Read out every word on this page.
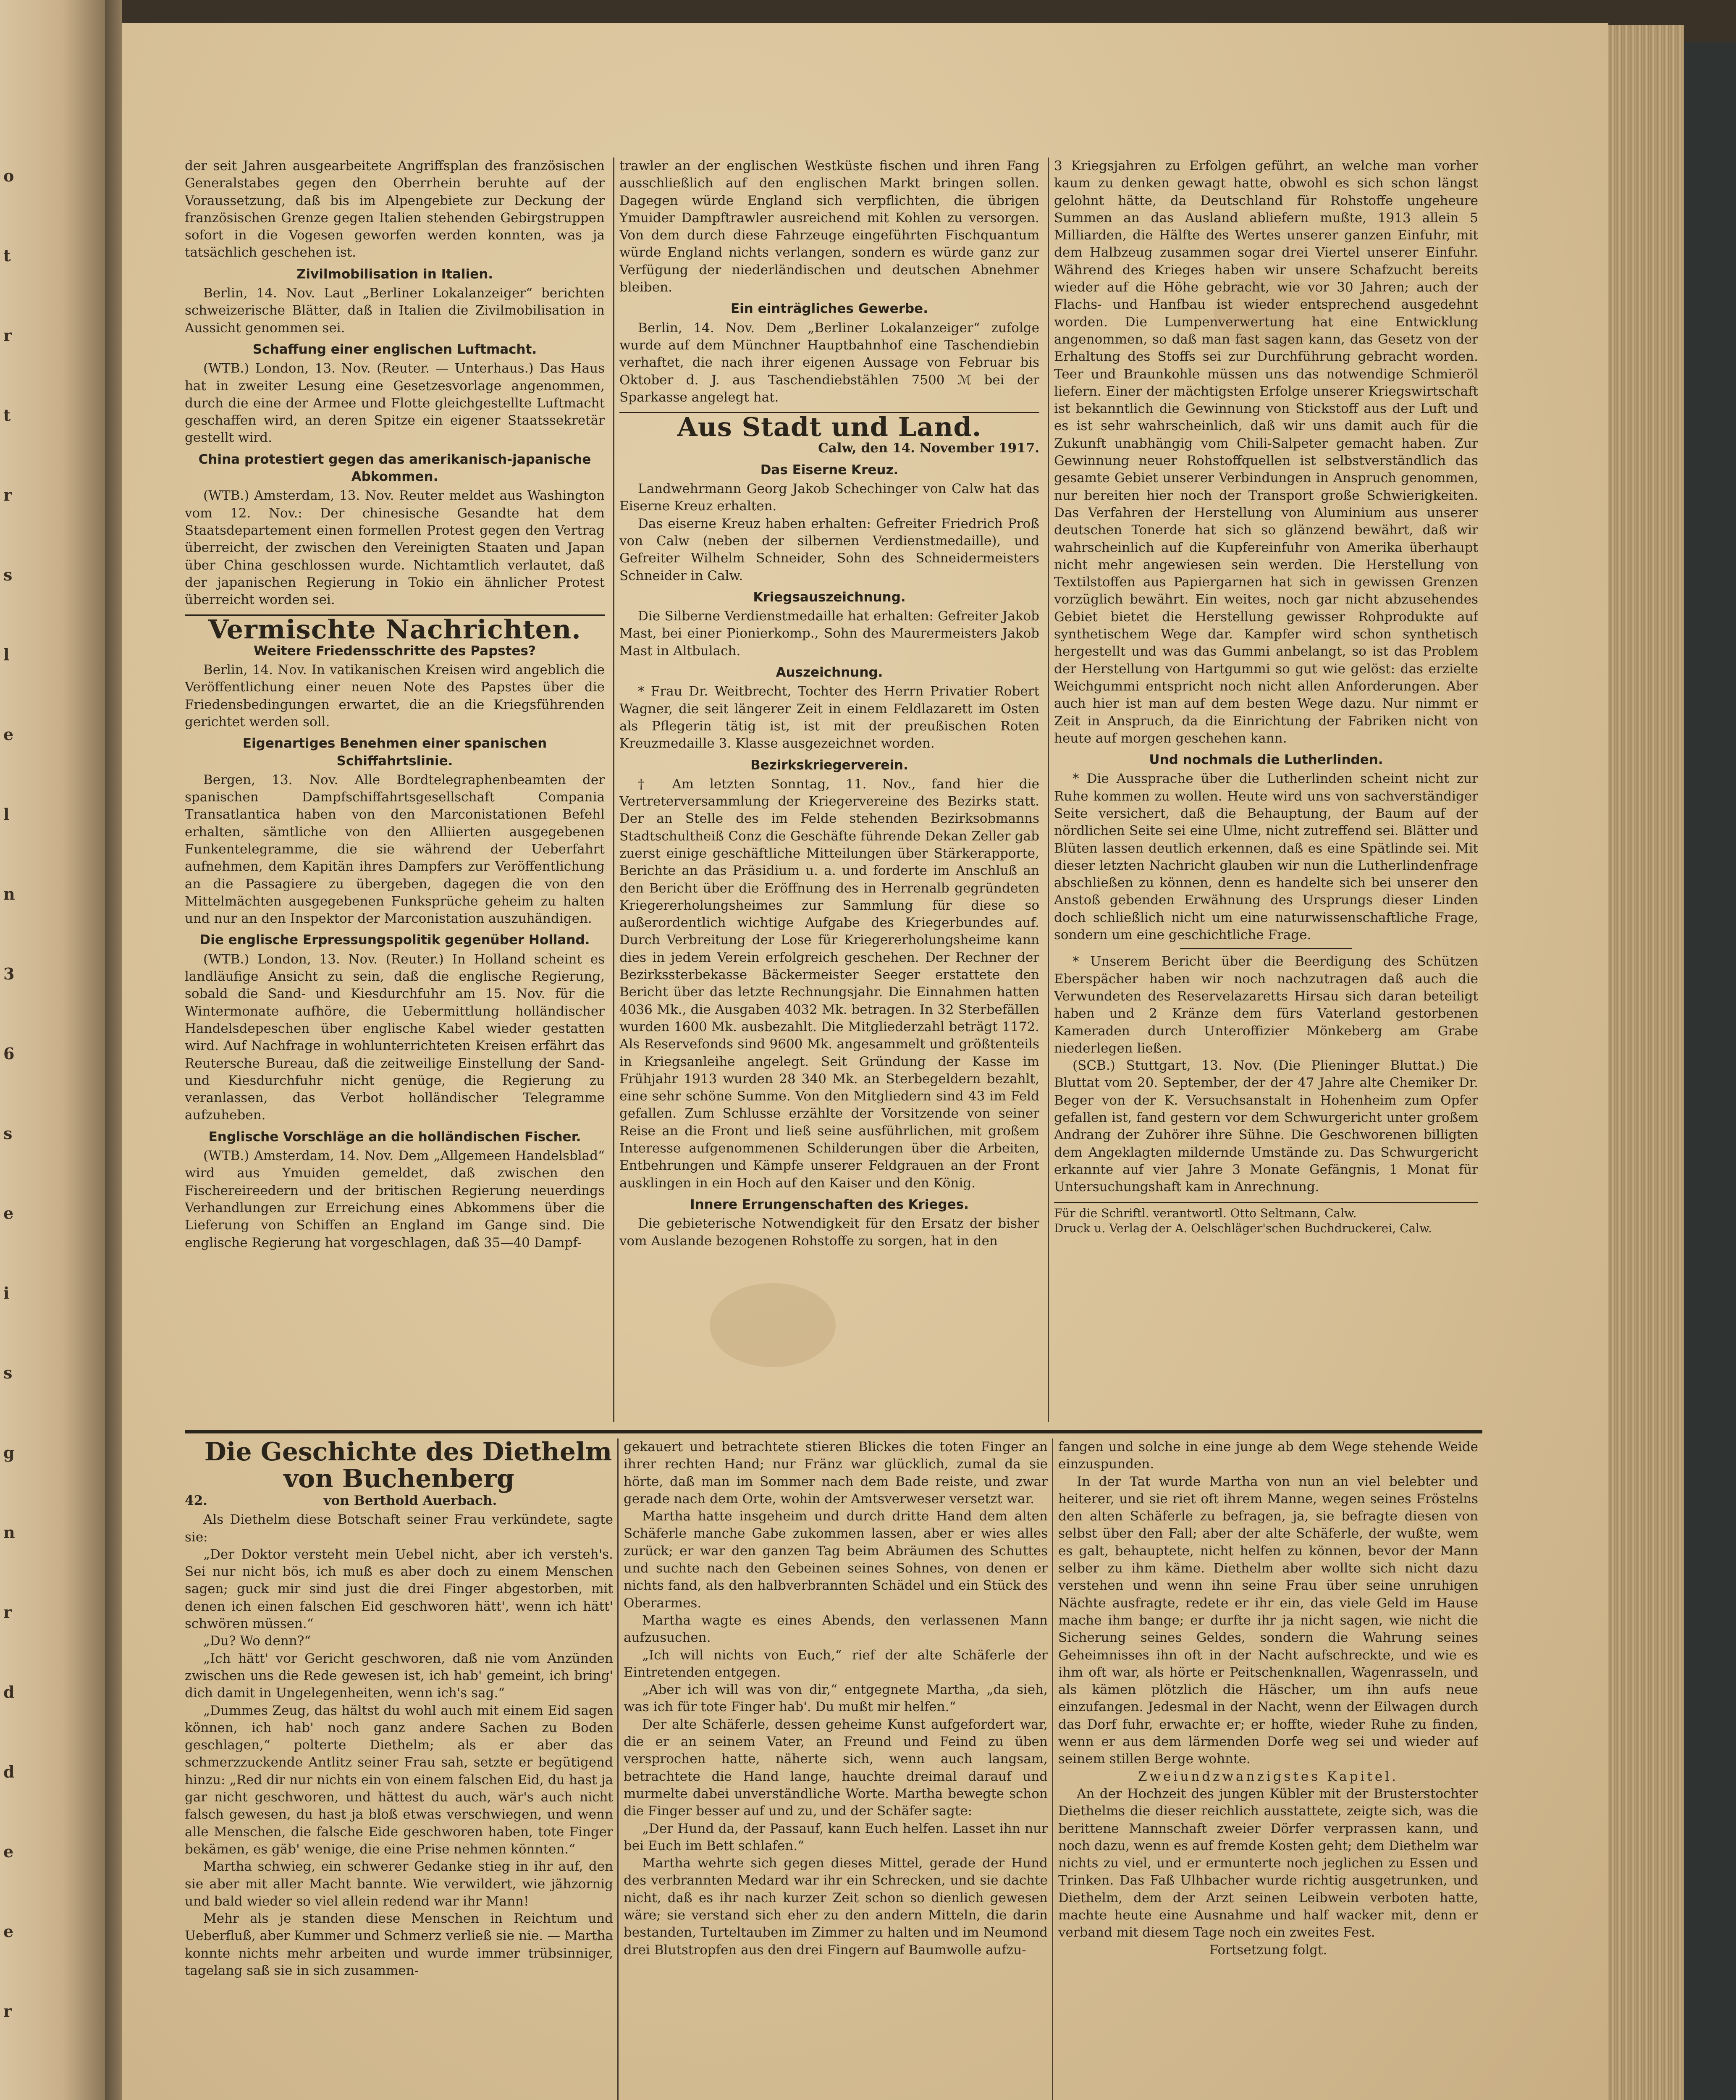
o
t
r
t
r
s
l
e
l
n
3
6
s
e
i
s
g
n
r
d
d
e
e
r

der seit Jahren ausgearbeitete Angriffsplan des französischen Generalstabes gegen den Oberrhein beruhte auf der Voraussetzung, daß bis im Alpengebiete zur Deckung der französischen Grenze gegen Italien stehenden Gebirgstruppen sofort in die Vogesen geworfen werden konnten, was ja tatsächlich geschehen ist.

Zivilmobilisation in Italien.

Berlin, 14. Nov. Laut „Berliner Lokalanzeiger“ berichten schweizerische Blätter, daß in Italien die Zivilmobilisation in Aussicht genommen sei.

Schaffung einer englischen Luftmacht.

(WTB.) London, 13. Nov. (Reuter. — Unterhaus.) Das Haus hat in zweiter Lesung eine Gesetzesvorlage angenommen, durch die eine der Armee und Flotte gleichgestellte Luftmacht geschaffen wird, an deren Spitze ein eigener Staatssekretär gestellt wird.

China protestiert gegen das amerikanisch-japanische Abkommen.

(WTB.) Amsterdam, 13. Nov. Reuter meldet aus Washington vom 12. Nov.: Der chinesische Gesandte hat dem Staatsdepartement einen formellen Protest gegen den Vertrag überreicht, der zwischen den Vereinigten Staaten und Japan über China geschlossen wurde. Nichtamtlich verlautet, daß der japanischen Regierung in Tokio ein ähnlicher Protest überreicht worden sei.

Vermischte Nachrichten.
Weitere Friedensschritte des Papstes?

Berlin, 14. Nov. In vatikanischen Kreisen wird angeblich die Veröffentlichung einer neuen Note des Papstes über die Friedensbedingungen erwartet, die an die Kriegsführenden gerichtet werden soll.

Eigenartiges Benehmen einer spanischen Schiffahrtslinie.

Bergen, 13. Nov. Alle Bordtelegraphenbeamten der spanischen Dampfschiffahrtsgesellschaft Compania Transatlantica haben von den Marconistationen Befehl erhalten, sämtliche von den Alliierten ausgegebenen Funkentelegramme, die sie während der Ueberfahrt aufnehmen, dem Kapitän ihres Dampfers zur Veröffentlichung an die Passagiere zu übergeben, dagegen die von den Mittelmächten ausgegebenen Funksprüche geheim zu halten und nur an den Inspektor der Marconistation auszuhändigen.

Die englische Erpressungspolitik gegenüber Holland.

(WTB.) London, 13. Nov. (Reuter.) In Holland scheint es landläufige Ansicht zu sein, daß die englische Regierung, sobald die Sand- und Kiesdurchfuhr am 15. Nov. für die Wintermonate aufhöre, die Uebermittlung holländischer Handelsdepeschen über englische Kabel wieder gestatten wird. Auf Nachfrage in wohlunterrichteten Kreisen erfährt das Reutersche Bureau, daß die zeitweilige Einstellung der Sand- und Kiesdurchfuhr nicht genüge, die Regierung zu veranlassen, das Verbot holländischer Telegramme aufzuheben.

Englische Vorschläge an die holländischen Fischer.

(WTB.) Amsterdam, 14. Nov. Dem „Allgemeen Handelsblad“ wird aus Ymuiden gemeldet, daß zwischen den Fischereireedern und der britischen Regierung neuerdings Verhandlungen zur Erreichung eines Abkommens über die Lieferung von Schiffen an England im Gange sind. Die englische Regierung hat vorgeschlagen, daß 35—40 Dampf-

trawler an der englischen Westküste fischen und ihren Fang ausschließlich auf den englischen Markt bringen sollen. Dagegen würde England sich verpflichten, die übrigen Ymuider Dampftrawler ausreichend mit Kohlen zu versorgen. Von dem durch diese Fahrzeuge eingeführten Fischquantum würde England nichts verlangen, sondern es würde ganz zur Verfügung der niederländischen und deutschen Abnehmer bleiben.

Ein einträgliches Gewerbe.

Berlin, 14. Nov. Dem „Berliner Lokalanzeiger“ zufolge wurde auf dem Münchner Hauptbahnhof eine Taschendiebin verhaftet, die nach ihrer eigenen Aussage von Februar bis Oktober d. J. aus Taschendiebstählen 7500 ℳ bei der Sparkasse angelegt hat.

Aus Stadt und Land.
Calw, den 14. November 1917.
Das Eiserne Kreuz.

Landwehrmann Georg Jakob Schechinger von Calw hat das Eiserne Kreuz erhalten.

Das eiserne Kreuz haben erhalten: Gefreiter Friedrich Proß von Calw (neben der silbernen Verdienstmedaille), und Gefreiter Wilhelm Schneider, Sohn des Schneidermeisters Schneider in Calw.

Kriegsauszeichnung.

Die Silberne Verdienstmedaille hat erhalten: Gefreiter Jakob Mast, bei einer Pionierkomp., Sohn des Maurermeisters Jakob Mast in Altbulach.

Auszeichnung.

* Frau Dr. Weitbrecht, Tochter des Herrn Privatier Robert Wagner, die seit längerer Zeit in einem Feldlazarett im Osten als Pflegerin tätig ist, ist mit der preußischen Roten Kreuzmedaille 3. Klasse ausgezeichnet worden.

Bezirkskriegerverein.

† Am letzten Sonntag, 11. Nov., fand hier die Vertreterversammlung der Kriegervereine des Bezirks statt. Der an Stelle des im Felde stehenden Bezirksobmanns Stadtschultheiß Conz die Geschäfte führende Dekan Zeller gab zuerst einige geschäftliche Mitteilungen über Stärkerapporte, Berichte an das Präsidium u. a. und forderte im Anschluß an den Bericht über die Eröffnung des in Herrenalb gegründeten Kriegererholungsheimes zur Sammlung für diese so außerordentlich wichtige Aufgabe des Kriegerbundes auf. Durch Verbreitung der Lose für Kriegererholungsheime kann dies in jedem Verein erfolgreich geschehen. Der Rechner der Bezirkssterbekasse Bäckermeister Seeger erstattete den Bericht über das letzte Rechnungsjahr. Die Einnahmen hatten 4036 Mk., die Ausgaben 4032 Mk. betragen. In 32 Sterbefällen wurden 1600 Mk. ausbezahlt. Die Mitgliederzahl beträgt 1172. Als Reservefonds sind 9600 Mk. angesammelt und größtenteils in Kriegsanleihe angelegt. Seit Gründung der Kasse im Frühjahr 1913 wurden 28 340 Mk. an Sterbegeldern bezahlt, eine sehr schöne Summe. Von den Mitgliedern sind 43 im Feld gefallen. Zum Schlusse erzählte der Vorsitzende von seiner Reise an die Front und ließ seine ausführlichen, mit großem Interesse aufgenommenen Schilderungen über die Arbeiten, Entbehrungen und Kämpfe unserer Feldgrauen an der Front ausklingen in ein Hoch auf den Kaiser und den König.

Innere Errungenschaften des Krieges.

Die gebieterische Notwendigkeit für den Ersatz der bisher vom Auslande bezogenen Rohstoffe zu sorgen, hat in den

3 Kriegsjahren zu Erfolgen geführt, an welche man vorher kaum zu denken gewagt hatte, obwohl es sich schon längst gelohnt hätte, da Deutschland für Rohstoffe ungeheure Summen an das Ausland abliefern mußte, 1913 allein 5 Milliarden, die Hälfte des Wertes unserer ganzen Einfuhr, mit dem Halbzeug zusammen sogar drei Viertel unserer Einfuhr. Während des Krieges haben wir unsere Schafzucht bereits wieder auf die Höhe gebracht, wie vor 30 Jahren; auch der Flachs- und Hanfbau ist wieder entsprechend ausgedehnt worden. Die Lumpenverwertung hat eine Entwicklung angenommen, so daß man fast sagen kann, das Gesetz von der Erhaltung des Stoffs sei zur Durchführung gebracht worden. Teer und Braunkohle müssen uns das notwendige Schmieröl liefern. Einer der mächtigsten Erfolge unserer Kriegswirtschaft ist bekanntlich die Gewinnung von Stickstoff aus der Luft und es ist sehr wahrscheinlich, daß wir uns damit auch für die Zukunft unabhängig vom Chili-Salpeter gemacht haben. Zur Gewinnung neuer Rohstoffquellen ist selbstverständlich das gesamte Gebiet unserer Verbindungen in Anspruch genommen, nur bereiten hier noch der Transport große Schwierigkeiten. Das Verfahren der Herstellung von Aluminium aus unserer deutschen Tonerde hat sich so glänzend bewährt, daß wir wahrscheinlich auf die Kupfereinfuhr von Amerika überhaupt nicht mehr angewiesen sein werden. Die Herstellung von Textilstoffen aus Papiergarnen hat sich in gewissen Grenzen vorzüglich bewährt. Ein weites, noch gar nicht abzusehendes Gebiet bietet die Herstellung gewisser Rohprodukte auf synthetischem Wege dar. Kampfer wird schon synthetisch hergestellt und was das Gummi anbelangt, so ist das Problem der Herstellung von Hartgummi so gut wie gelöst: das erzielte Weichgummi entspricht noch nicht allen Anforderungen. Aber auch hier ist man auf dem besten Wege dazu. Nur nimmt er Zeit in Anspruch, da die Einrichtung der Fabriken nicht von heute auf morgen geschehen kann.

Und nochmals die Lutherlinden.

* Die Aussprache über die Lutherlinden scheint nicht zur Ruhe kommen zu wollen. Heute wird uns von sachverständiger Seite versichert, daß die Behauptung, der Baum auf der nördlichen Seite sei eine Ulme, nicht zutreffend sei. Blätter und Blüten lassen deutlich erkennen, daß es eine Spätlinde sei. Mit dieser letzten Nachricht glauben wir nun die Lutherlindenfrage abschließen zu können, denn es handelte sich bei unserer den Anstoß gebenden Erwähnung des Ursprungs dieser Linden doch schließlich nicht um eine naturwissenschaftliche Frage, sondern um eine geschichtliche Frage.

* Unserem Bericht über die Beerdigung des Schützen Eberspächer haben wir noch nachzutragen daß auch die Verwundeten des Reservelazaretts Hirsau sich daran beteiligt haben und 2 Kränze dem fürs Vaterland gestorbenen Kameraden durch Unteroffizier Mönkeberg am Grabe niederlegen ließen.

(SCB.) Stuttgart, 13. Nov. (Die Plieninger Bluttat.) Die Bluttat vom 20. September, der der 47 Jahre alte Chemiker Dr. Beger von der K. Versuchsanstalt in Hohenheim zum Opfer gefallen ist, fand gestern vor dem Schwurgericht unter großem Andrang der Zuhörer ihre Sühne. Die Geschworenen billigten dem Angeklagten mildernde Umstände zu. Das Schwurgericht erkannte auf vier Jahre 3 Monate Gefängnis, 1 Monat für Untersuchungshaft kam in Anrechnung.

Für die Schriftl. verantwortl. Otto Seltmann, Calw.
Druck u. Verlag der A. Oelschläger'schen Buchdruckerei, Calw.

Die Geschichte des Diethelm von Buchenberg

42.	von Berthold Auerbach.

Als Diethelm diese Botschaft seiner Frau verkündete, sagte sie:

„Der Doktor versteht mein Uebel nicht, aber ich versteh's. Sei nur nicht bös, ich muß es aber doch zu einem Menschen sagen; guck mir sind just die drei Finger abgestorben, mit denen ich einen falschen Eid geschworen hätt', wenn ich hätt' schwören müssen.“

„Du? Wo denn?“

„Ich hätt' vor Gericht geschworen, daß nie vom Anzünden zwischen uns die Rede gewesen ist, ich hab' gemeint, ich bring' dich damit in Ungelegenheiten, wenn ich's sag.“

„Dummes Zeug, das hältst du wohl auch mit einem Eid sagen können, ich hab' noch ganz andere Sachen zu Boden geschlagen,“ polterte Diethelm; als er aber das schmerzzuckende Antlitz seiner Frau sah, setzte er begütigend hinzu: „Red dir nur nichts ein von einem falschen Eid, du hast ja gar nicht geschworen, und hättest du auch, wär's auch nicht falsch gewesen, du hast ja bloß etwas verschwiegen, und wenn alle Menschen, die falsche Eide geschworen haben, tote Finger bekämen, es gäb' wenige, die eine Prise nehmen könnten.“

Martha schwieg, ein schwerer Gedanke stieg in ihr auf, den sie aber mit aller Macht bannte. Wie verwildert, wie jähzornig und bald wieder so viel allein redend war ihr Mann!

Mehr als je standen diese Menschen in Reichtum und Ueberfluß, aber Kummer und Schmerz verließ sie nie. — Martha konnte nichts mehr arbeiten und wurde immer trübsinniger, tagelang saß sie in sich zusammen-

gekauert und betrachtete stieren Blickes die toten Finger an ihrer rechten Hand; nur Fränz war glücklich, zumal da sie hörte, daß man im Sommer nach dem Bade reiste, und zwar gerade nach dem Orte, wohin der Amtsverweser versetzt war.

Martha hatte insgeheim und durch dritte Hand dem alten Schäferle manche Gabe zukommen lassen, aber er wies alles zurück; er war den ganzen Tag beim Abräumen des Schuttes und suchte nach den Gebeinen seines Sohnes, von denen er nichts fand, als den halbverbrannten Schädel und ein Stück des Oberarmes.

Martha wagte es eines Abends, den verlassenen Mann aufzusuchen.

„Ich will nichts von Euch,“ rief der alte Schäferle der Eintretenden entgegen.

„Aber ich will was von dir,“ entgegnete Martha, „da sieh, was ich für tote Finger hab'. Du mußt mir helfen.“

Der alte Schäferle, dessen geheime Kunst aufgefordert war, die er an seinem Vater, an Freund und Feind zu üben versprochen hatte, näherte sich, wenn auch langsam, betrachtete die Hand lange, hauchte dreimal darauf und murmelte dabei unverständliche Worte. Martha bewegte schon die Finger besser auf und zu, und der Schäfer sagte:

„Der Hund da, der Passauf, kann Euch helfen. Lasset ihn nur bei Euch im Bett schlafen.“

Martha wehrte sich gegen dieses Mittel, gerade der Hund des verbrannten Medard war ihr ein Schrecken, und sie dachte nicht, daß es ihr nach kurzer Zeit schon so dienlich gewesen wäre; sie verstand sich eher zu den andern Mitteln, die darin bestanden, Turteltauben im Zimmer zu halten und im Neumond drei Blutstropfen aus den drei Fingern auf Baumwolle aufzu-

fangen und solche in eine junge ab dem Wege stehende Weide einzuspunden.

In der Tat wurde Martha von nun an viel belebter und heiterer, und sie riet oft ihrem Manne, wegen seines Fröstelns den alten Schäferle zu befragen, ja, sie befragte diesen von selbst über den Fall; aber der alte Schäferle, der wußte, wem es galt, behauptete, nicht helfen zu können, bevor der Mann selber zu ihm käme. Diethelm aber wollte sich nicht dazu verstehen und wenn ihn seine Frau über seine unruhigen Nächte ausfragte, redete er ihr ein, das viele Geld im Hause mache ihm bange; er durfte ihr ja nicht sagen, wie nicht die Sicherung seines Geldes, sondern die Wahrung seines Geheimnisses ihn oft in der Nacht aufschreckte, und wie es ihm oft war, als hörte er Peitschenknallen, Wagenrasseln, und als kämen plötzlich die Häscher, um ihn aufs neue einzufangen. Jedesmal in der Nacht, wenn der Eilwagen durch das Dorf fuhr, erwachte er; er hoffte, wieder Ruhe zu finden, wenn er aus dem lärmenden Dorfe weg sei und wieder auf seinem stillen Berge wohnte.

Zweiundzwanzigstes Kapitel.

An der Hochzeit des jungen Kübler mit der Brusterstochter Diethelms die dieser reichlich ausstattete, zeigte sich, was die berittene Mannschaft zweier Dörfer verprassen kann, und noch dazu, wenn es auf fremde Kosten geht; dem Diethelm war nichts zu viel, und er ermunterte noch jeglichen zu Essen und Trinken. Das Faß Ulhbacher wurde richtig ausgetrunken, und Diethelm, dem der Arzt seinen Leibwein verboten hatte, machte heute eine Ausnahme und half wacker mit, denn er verband mit diesem Tage noch ein zweites Fest.

Fortsetzung folgt.
